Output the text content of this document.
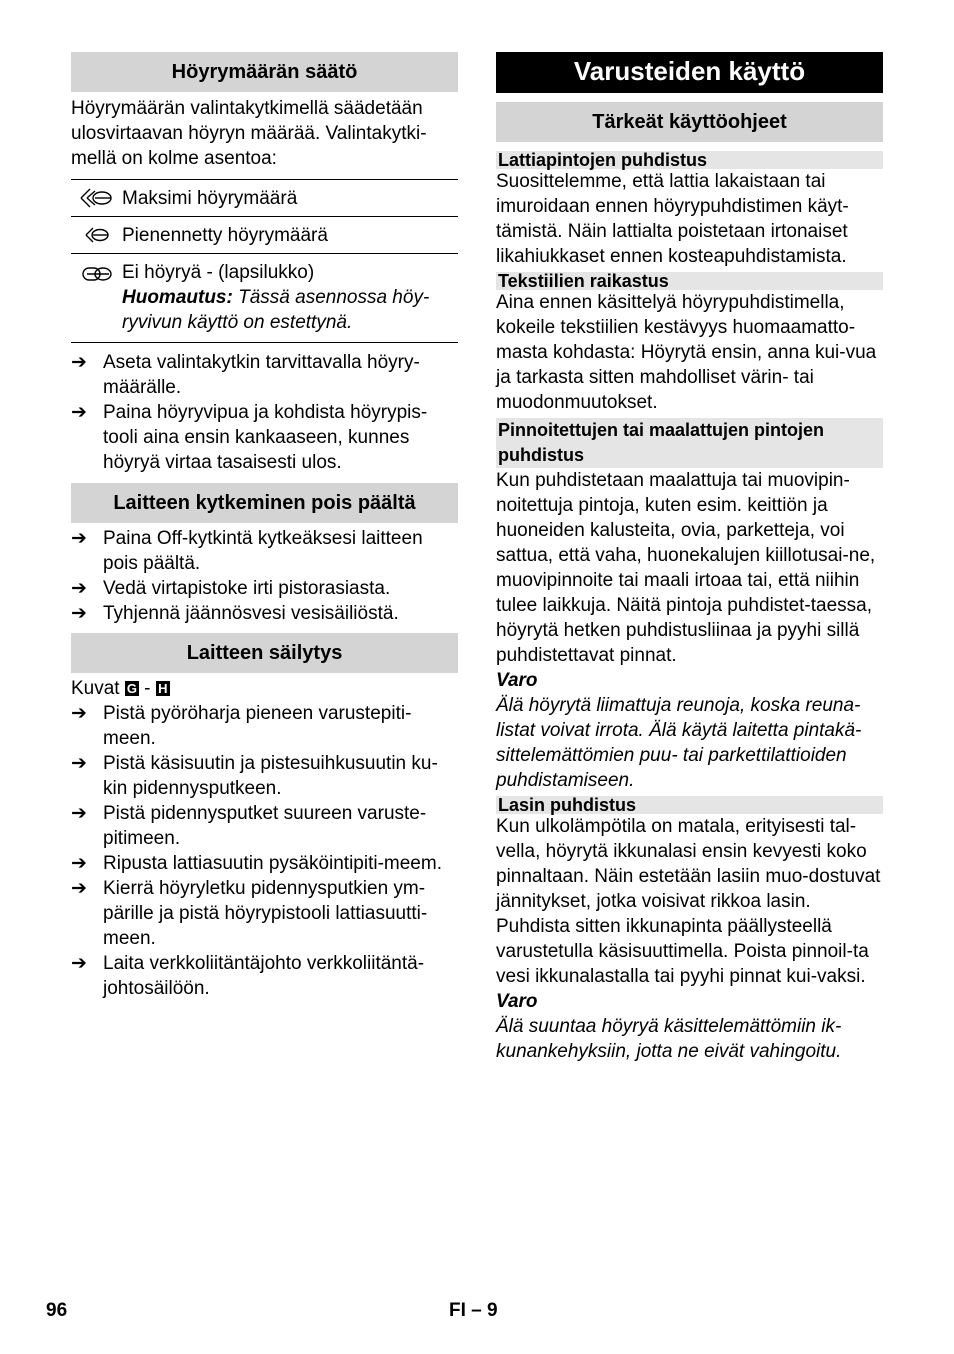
Höyrymäärän säätö
Höyrymäärän valintakytkimellä säädetään ulosvirtaavan höyryn määrää. Valintakytki-mellä on kolme asentoa:
Maksimi höyrymäärä
Pienennetty höyrymäärä
Ei höyryä - (lapsilukko)
Huomautus: Tässä asennossa höy-ryvivun käyttö on estettynä.
➔ Aseta valintakytkin tarvittavalla höyry-määrälle.
➔ Paina höyryvipua ja kohdista höyrypis-tooli aina ensin kankaaseen, kunnes höyryä virtaa tasaisesti ulos.
Laitteen kytkeminen pois päältä
➔ Paina Off-kytkintä kytkeäksesi laitteen pois päältä.
➔ Vedä virtapistoke irti pistorasiasta.
➔ Tyhjennä jäännösvesi vesisäiliöstä.
Laitteen säilytys
Kuvat G - H
➔ Pistä pyöröharja pieneen varustepiti-meen.
➔ Pistä käsisuutin ja pistesuihkusuutin ku-kin pidennysputkeen.
➔ Pistä pidennysputket suureen varuste-pitimeen.
➔ Ripusta lattiasuutin pysäköintipiti-meem.
➔ Kierrä höyryletku pidennysputkien ym-pärille ja pistä höyrypistooli lattiasuutti-meen.
➔ Laita verkkoliitäntäjohto verkkoliitäntä-johtosäilöön.
Varusteiden käyttö
Tärkeät käyttöohjeet
Lattiapintojen puhdistus
Suosittelemme, että lattia lakaistaan tai imuroidaan ennen höyrypuhdistimen käyt-tämistä. Näin lattialta poistetaan irtonaiset likahiukkaset ennen kosteapuhdistamista.
Tekstiilien raikastus
Aina ennen käsittelyä höyrypuhdistimella, kokeile tekstiilien kestävyys huomaamatto-masta kohdasta: Höyrytä ensin, anna kui-vua ja tarkasta sitten mahdolliset värin- tai muodonmuutokset.
Pinnoitettujen tai maalattujen pintojen puhdistus
Kun puhdistetaan maalattuja tai muovipin-noitettuja pintoja, kuten esim. keittiön ja huoneiden kalusteita, ovia, parketteja, voi sattua, että vaha, huonekalujen kiillotusai-ne, muovipinnoite tai maali irtoaa tai, että niihin tulee laikkuja. Näitä pintoja puhdistet-taessa, höyrytä hetken puhdistusliinaa ja pyyhi sillä puhdistettavat pinnat.
Varo
Älä höyrytä liimattuja reunoja, koska reuna-listat voivat irrota. Älä käytä laitetta pintakä-sittelemättömien puu- tai parkettilattioiden puhdistamiseen.
Lasin puhdistus
Kun ulkolämpötila on matala, erityisesti tal-vella, höyrytä ikkunalasi ensin kevyesti koko pinnaltaan. Näin estetään lasiin muo-dostuvat jännitykset, jotka voisivat rikkoa lasin.
Puhdista sitten ikkunapinta päällysteellä varustetulla käsisuuttimella. Poista pinnoil-ta vesi ikkunalastalla tai pyyhi pinnat kui-vaksi.
Varo
Älä suuntaa höyryä käsittelemättömiin ik-kunankehyksiin, jotta ne eivät vahingoitu.
96	FI – 9
